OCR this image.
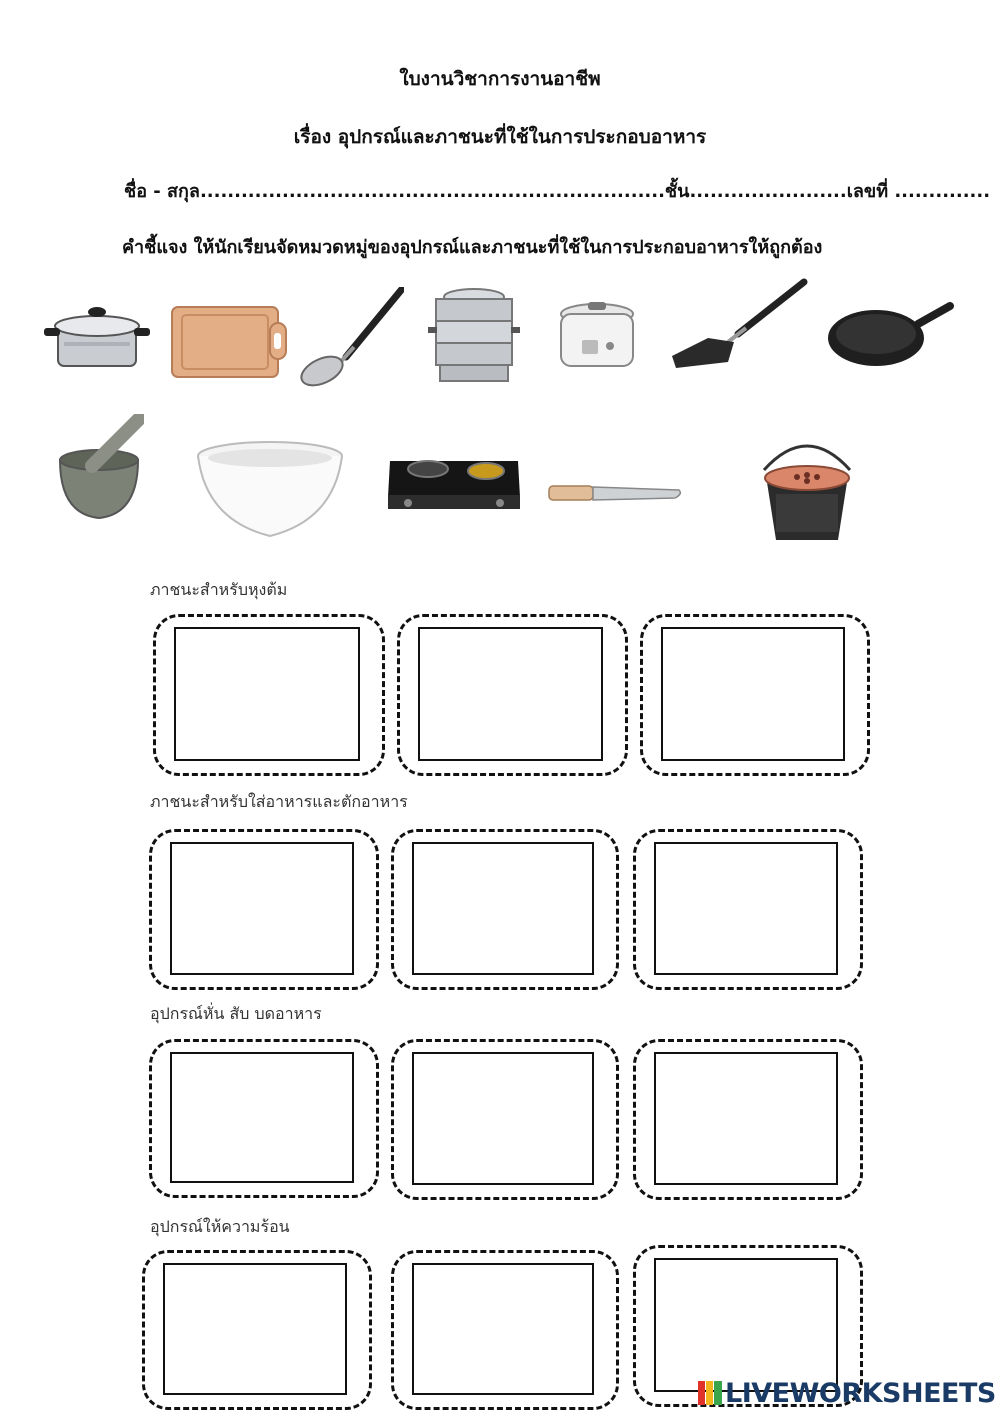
ใบงานวิชาการงานอาชีพ
เรื่อง อุปกรณ์และภาชนะที่ใช้ในการประกอบอาหาร
ชื่อ - สกุล....................................................................ชั้น.......................เลขที่ ..............
คำชี้แจง ให้นักเรียนจัดหมวดหมู่ของอุปกรณ์และภาชนะที่ใช้ในการประกอบอาหารให้ถูกต้อง
ภาชนะสำหรับหุงต้ม
ภาชนะสำหรับใส่อาหารและตักอาหาร
อุปกรณ์หั่น สับ บดอาหาร
อุปกรณ์ให้ความร้อน
LIVEWORKSHEETS
